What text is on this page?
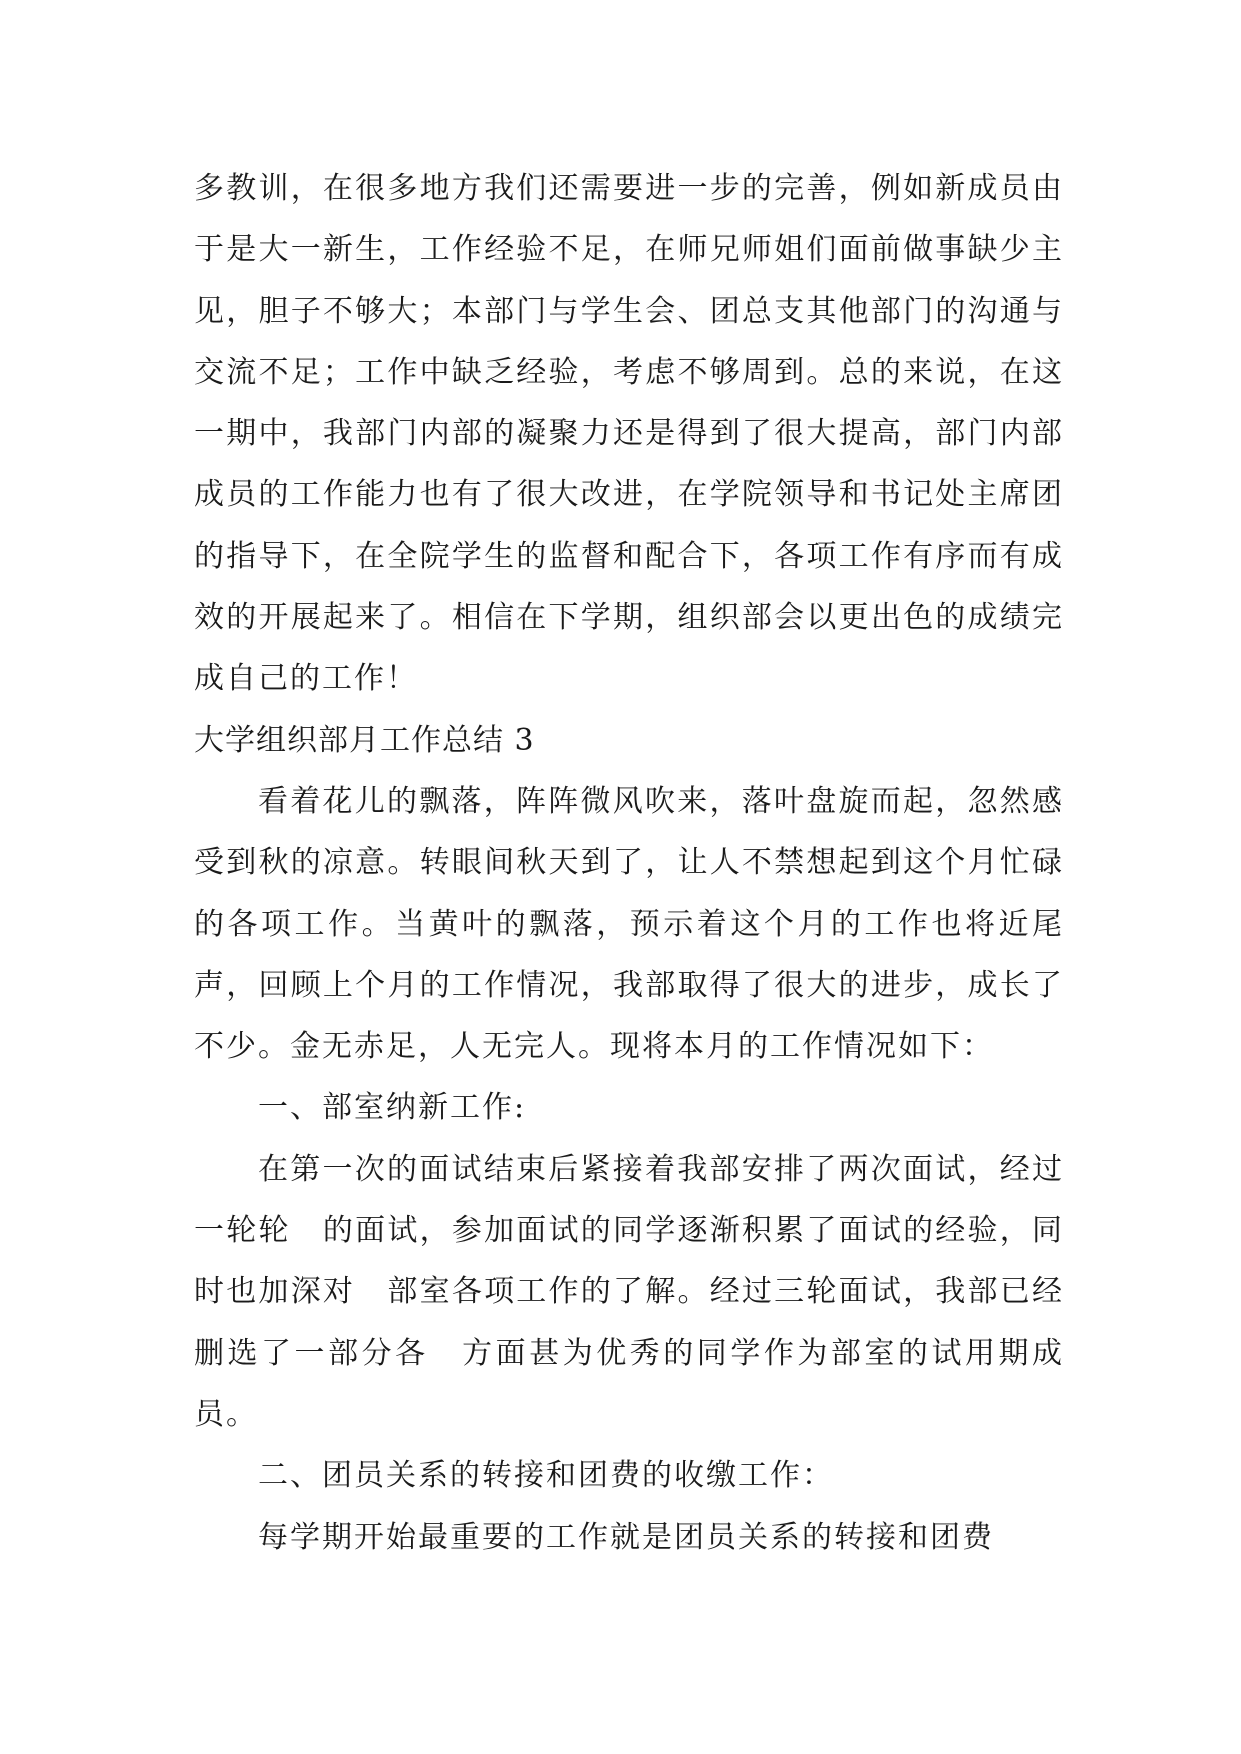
多教训，在很多地方我们还需要进一步的完善，例如新成员由于是大一新生，工作经验不足，在师兄师姐们面前做事缺少主见，胆子不够大；本部门与学生会、团总支其他部门的沟通与交流不足；工作中缺乏经验，考虑不够周到。总的来说，在这一期中，我部门内部的凝聚力还是得到了很大提高，部门内部成员的工作能力也有了很大改进，在学院领导和书记处主席团的指导下，在全院学生的监督和配合下，各项工作有序而有成效的开展起来了。相信在下学期，组织部会以更出色的成绩完成自己的工作！

大学组织部月工作总结 3

看着花儿的飘落，阵阵微风吹来，落叶盘旋而起，忽然感受到秋的凉意。转眼间秋天到了，让人不禁想起到这个月忙碌的各项工作。当黄叶的飘落，预示着这个月的工作也将近尾声，回顾上个月的工作情况，我部取得了很大的进步，成长了不少。金无赤足，人无完人。现将本月的工作情况如下：

一、部室纳新工作:

在第一次的面试结束后紧接着我部安排了两次面试，经过一轮轮　的面试，参加面试的同学逐渐积累了面试的经验，同时也加深对　部室各项工作的了解。经过三轮面试，我部已经删选了一部分各　方面甚为优秀的同学作为部室的试用期成员。

二、团员关系的转接和团费的收缴工作：

每学期开始最重要的工作就是团员关系的转接和团费
